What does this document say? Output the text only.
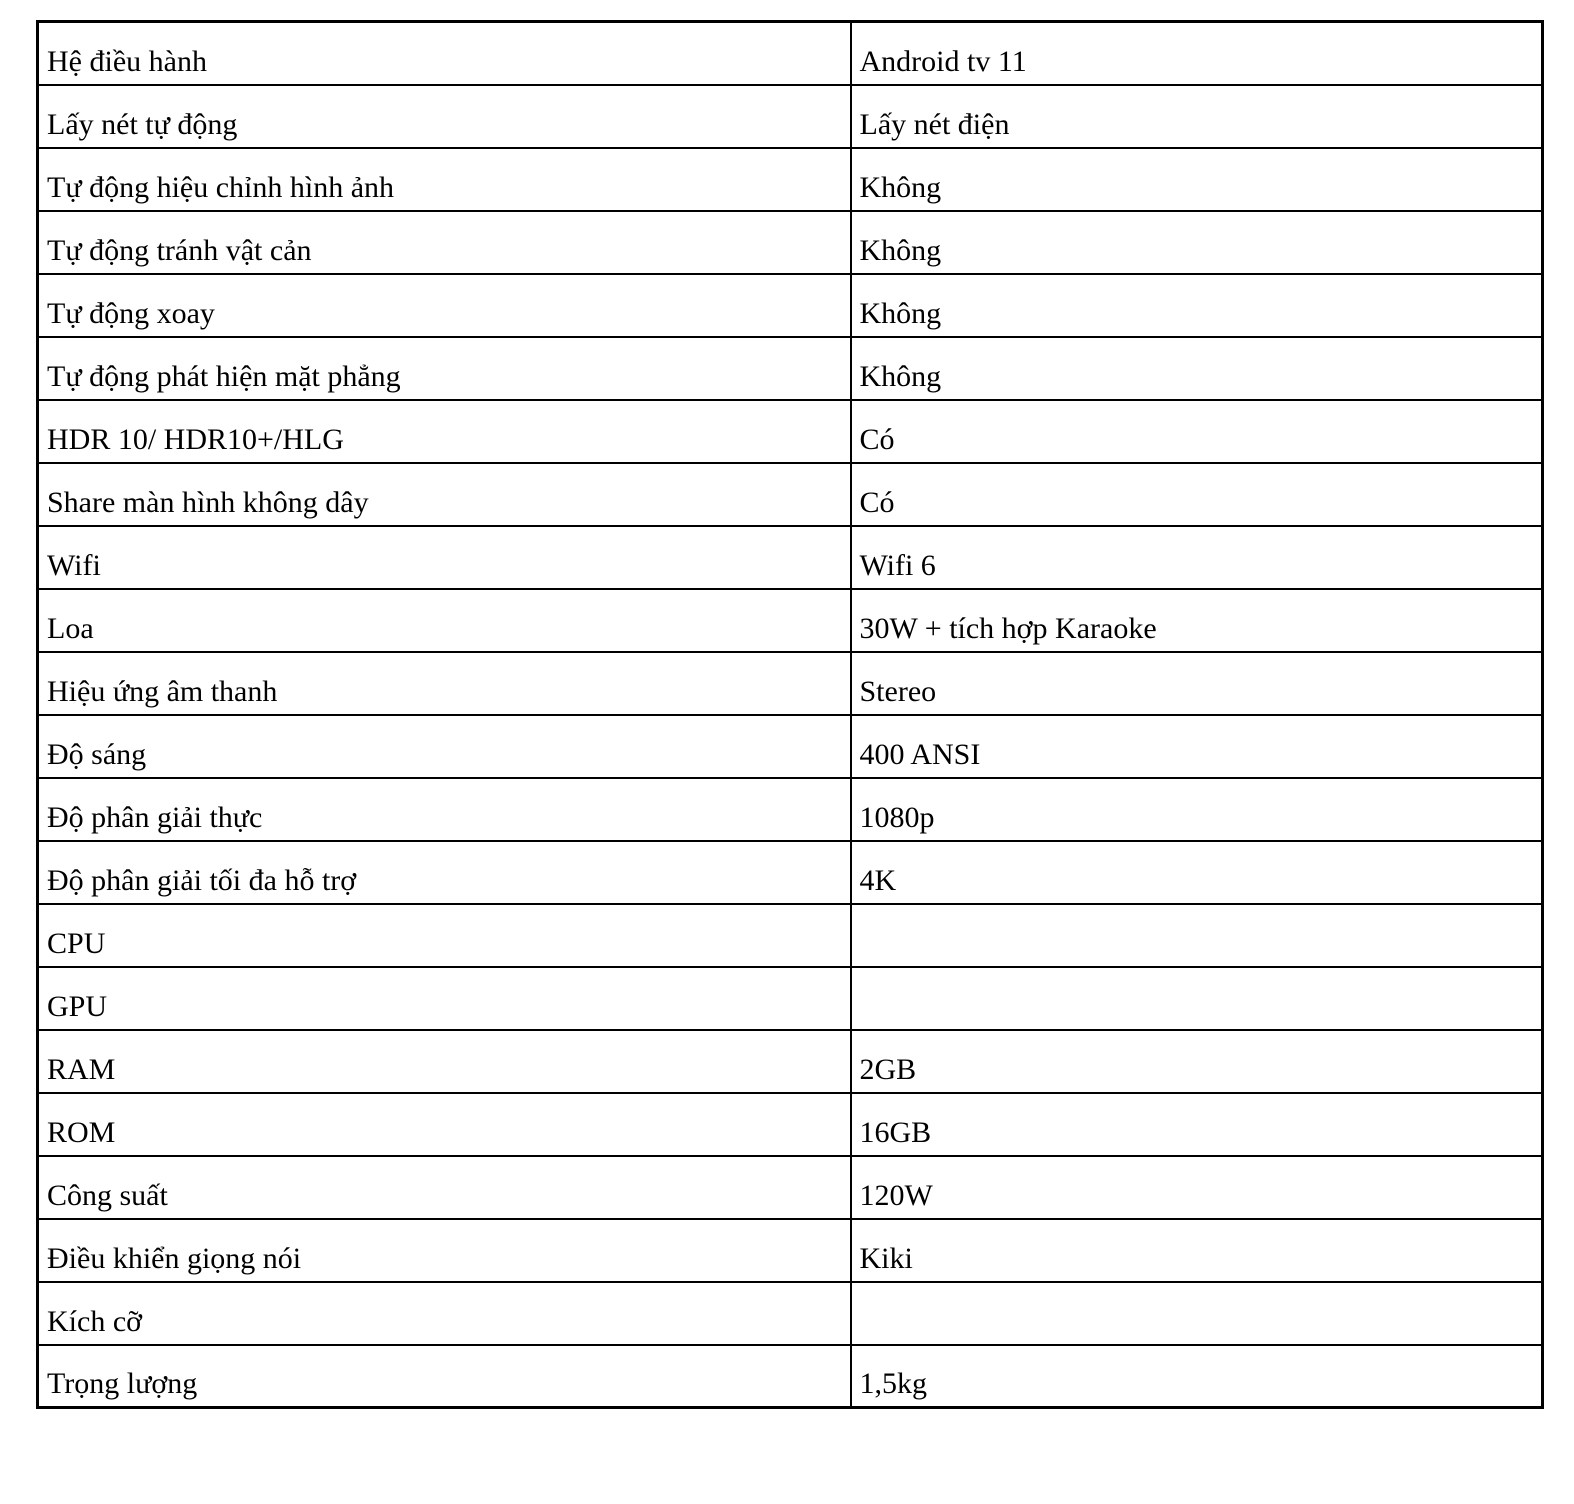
Hệ điều hành	Android tv 11
Lấy nét tự động	Lấy nét điện
Tự động hiệu chỉnh hình ảnh	Không
Tự động tránh vật cản	Không
Tự động xoay	Không
Tự động phát hiện mặt phẳng	Không
HDR 10/ HDR10+/HLG	Có
Share màn hình không dây	Có
Wifi	Wifi 6
Loa	30W + tích hợp Karaoke
Hiệu ứng âm thanh	Stereo
Độ sáng	400 ANSI
Độ phân giải thực	1080p
Độ phân giải tối đa hỗ trợ	4K
CPU	
GPU	
RAM	2GB
ROM	16GB
Công suất	120W
Điều khiển giọng nói	Kiki
Kích cỡ	
Trọng lượng	1,5kg
